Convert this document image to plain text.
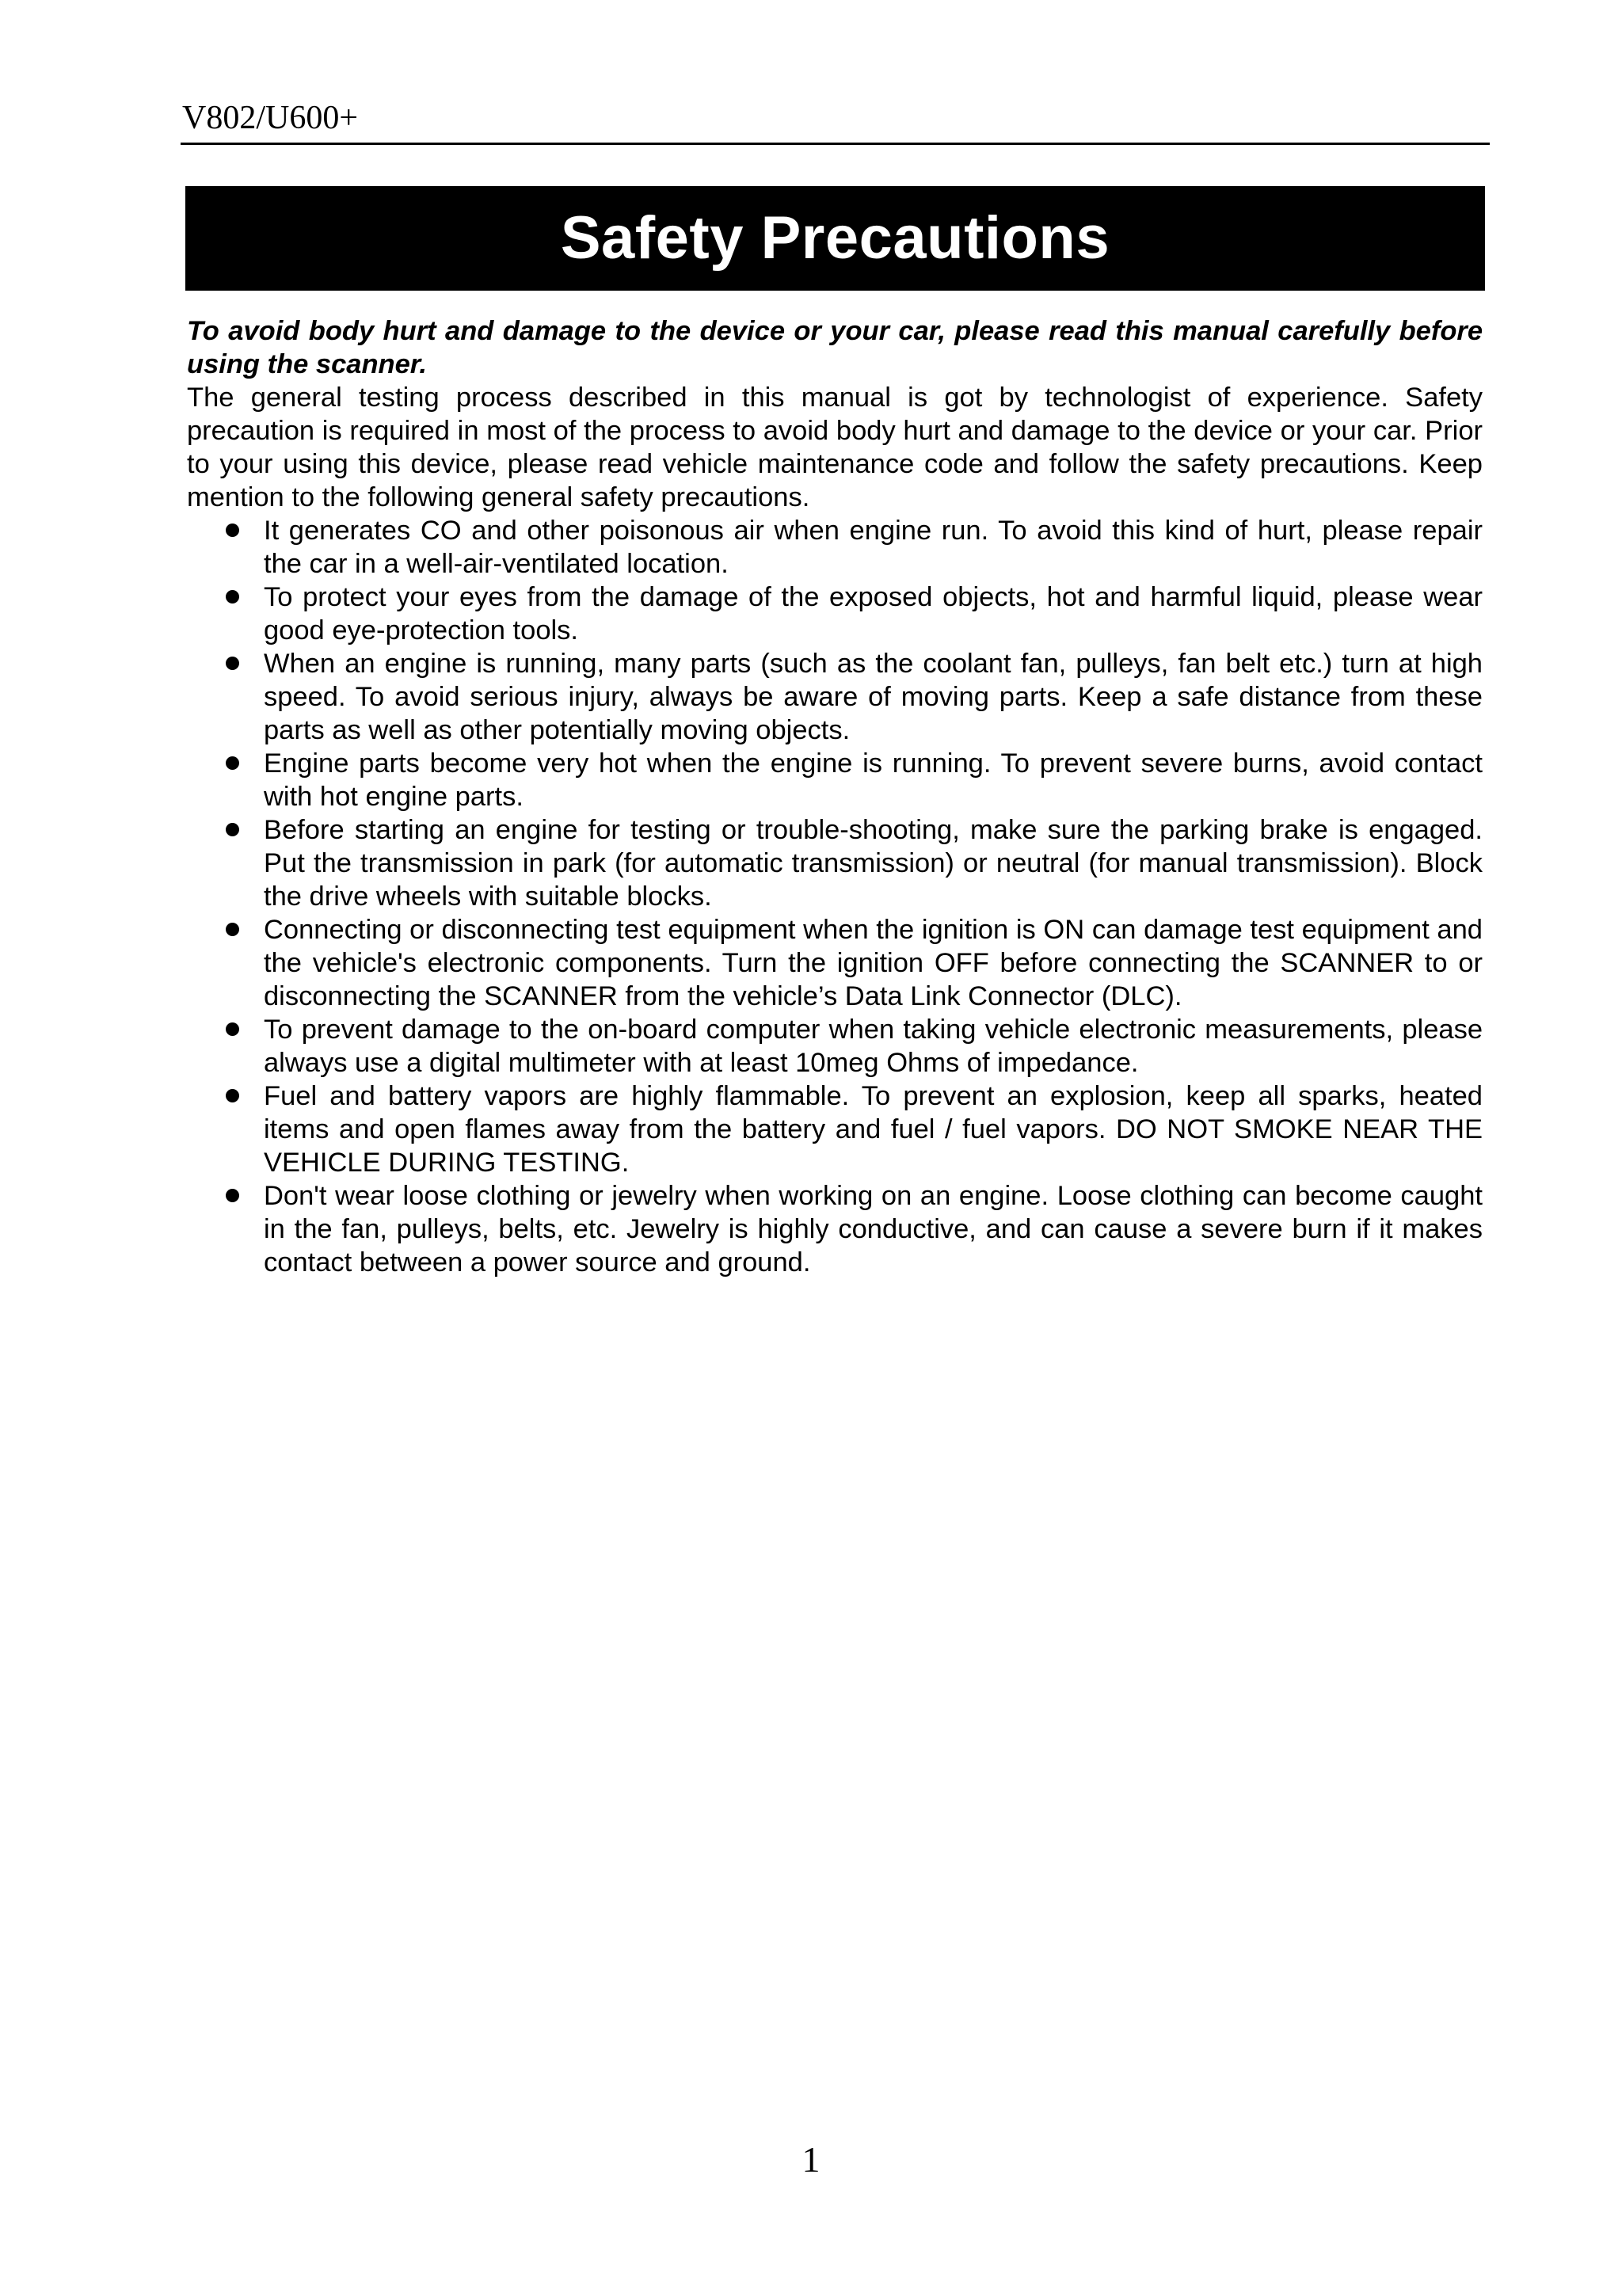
V802/U600+
Safety Precautions

To avoid body hurt and damage to the device or your car, please read this manual carefully before using the scanner.

The general testing process described in this manual is got by technologist of experience. Safety precaution is required in most of the process to avoid body hurt and damage to the device or your car. Prior to your using this device, please read vehicle maintenance code and follow the safety precautions. Keep mention to the following general safety precautions.

It generates CO and other poisonous air when engine run. To avoid this kind of hurt, please repair the car in a well-air-ventilated location.
To protect your eyes from the damage of the exposed objects, hot and harmful liquid, please wear good eye-protection tools.
When an engine is running, many parts (such as the coolant fan, pulleys, fan belt etc.) turn at high speed. To avoid serious injury, always be aware of moving parts. Keep a safe distance from these parts as well as other potentially moving objects.
Engine parts become very hot when the engine is running. To prevent severe burns, avoid contact with hot engine parts.
Before starting an engine for testing or trouble-shooting, make sure the parking brake is engaged. Put the transmission in park (for automatic transmission) or neutral (for manual transmission). Block the drive wheels with suitable blocks.
Connecting or disconnecting test equipment when the ignition is ON can damage test equipment and the vehicle's electronic components. Turn the ignition OFF before connecting the SCANNER to or disconnecting the SCANNER from the vehicle’s Data Link Connector (DLC).
To prevent damage to the on-board computer when taking vehicle electronic measurements, please always use a digital multimeter with at least 10meg Ohms of impedance.
Fuel and battery vapors are highly flammable. To prevent an explosion, keep all sparks, heated items and open flames away from the battery and fuel / fuel vapors. DO NOT SMOKE NEAR THE VEHICLE DURING TESTING.
Don't wear loose clothing or jewelry when working on an engine. Loose clothing can become caught in the fan, pulleys, belts, etc. Jewelry is highly conductive, and can cause a severe burn if it makes contact between a power source and ground.
1
